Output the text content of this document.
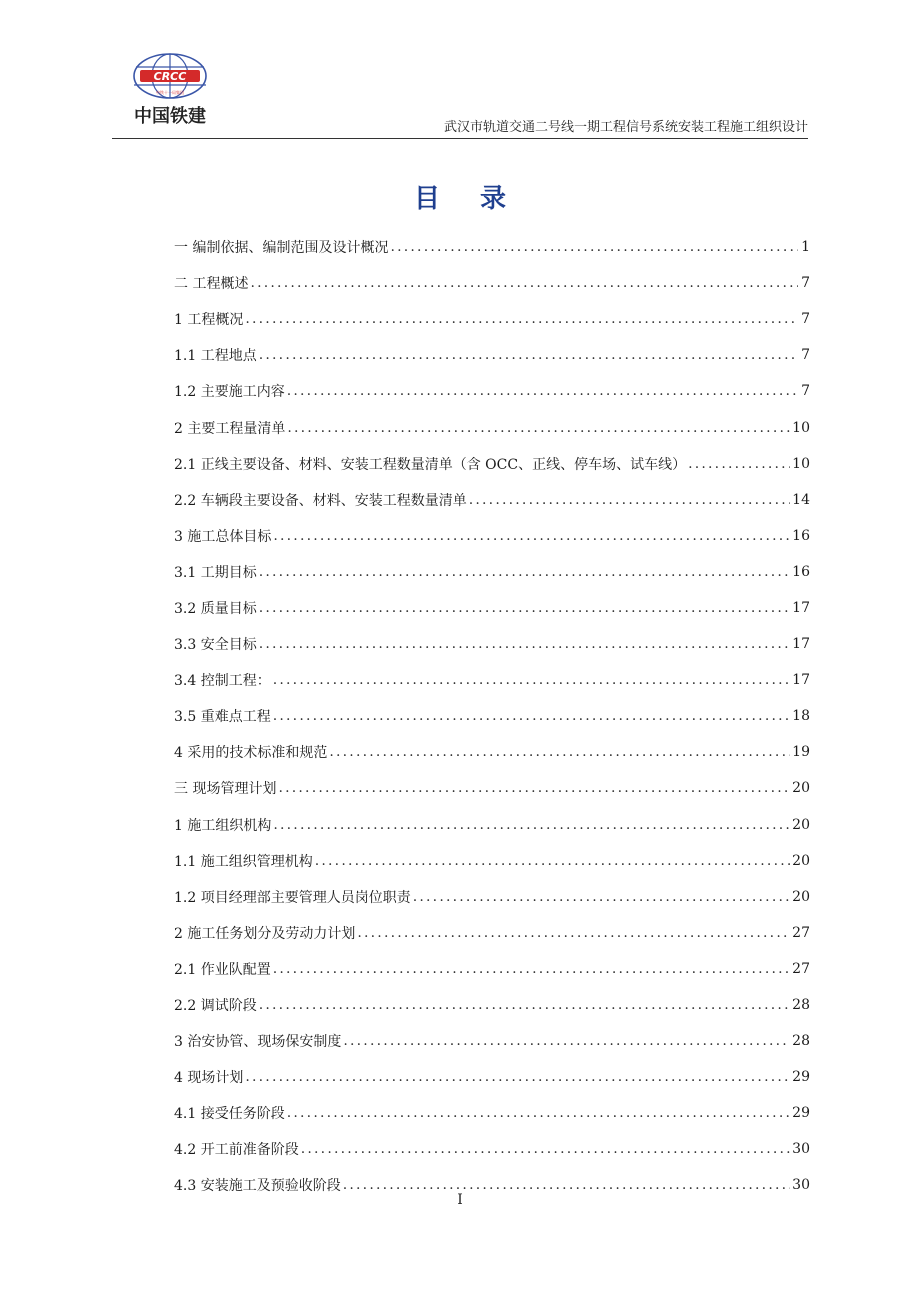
CRCC
中铁十一局集团
中国铁建
武汉市轨道交通二号线一期工程信号系统安装工程施工组织设计
目录
一 编制依据、编制范围及设计概况 .....	1
二 工程概述 .....	7
1 工程概况 .....	7
1.1 工程地点 .....	7
1.2 主要施工内容 .....	7
2 主要工程量清单 .....	10
2.1 正线主要设备、材料、安装工程数量清单（含 OCC、正线、停车场、试车线） .....	10
2.2 车辆段主要设备、材料、安装工程数量清单 .....	14
3 施工总体目标 .....	16
3.1 工期目标 .....	16
3.2 质量目标 .....	17
3.3 安全目标 .....	17
3.4 控制工程： .....	17
3.5 重难点工程 .....	18
4 采用的技术标准和规范 .....	19
三 现场管理计划 .....	20
1 施工组织机构 .....	20
1.1 施工组织管理机构 .....	20
1.2 项目经理部主要管理人员岗位职责 .....	20
2 施工任务划分及劳动力计划 .....	27
2.1 作业队配置 .....	27
2.2 调试阶段 .....	28
3 治安协管、现场保安制度 .....	28
4 现场计划 .....	29
4.1 接受任务阶段 .....	29
4.2 开工前准备阶段 .....	30
4.3 安装施工及预验收阶段 .....	30
I
